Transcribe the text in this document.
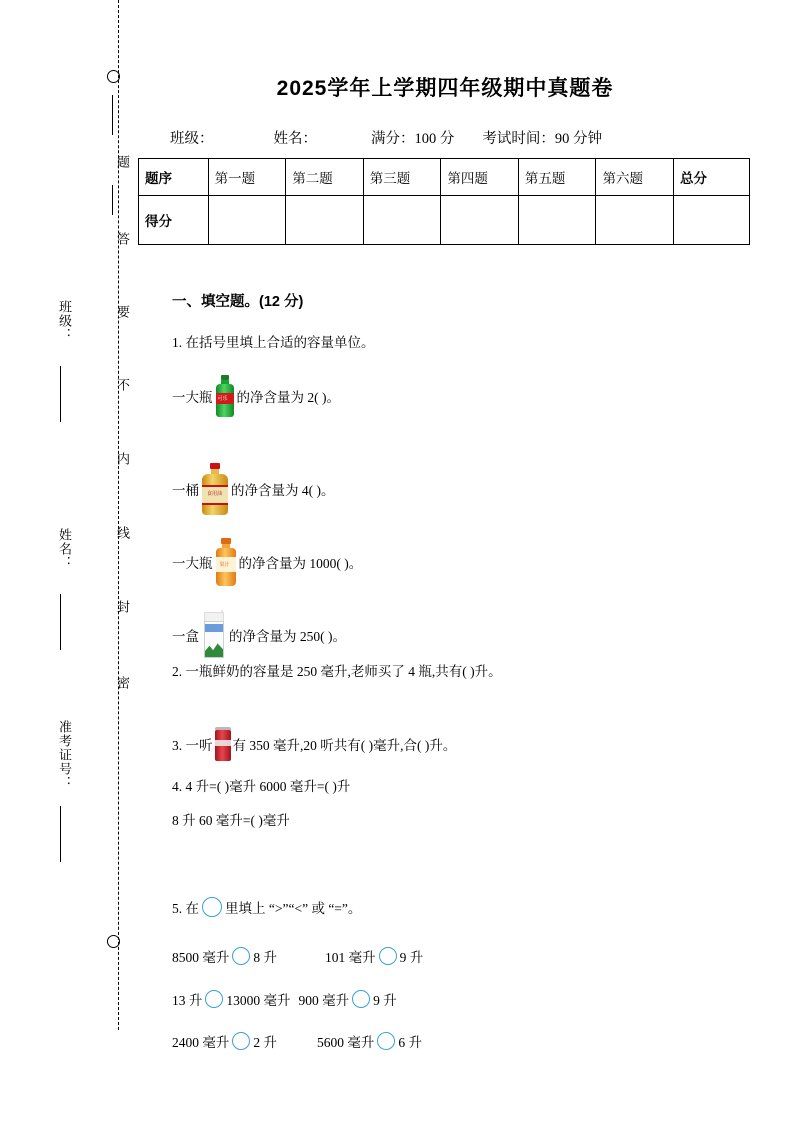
题
答
要
不
内
线
封
密
班级：
姓名：
准考证号：
2025学年上学期四年级期中真题卷
班级：	姓名：	满分：100 分 考试时间：90 分钟
题序	第一题	第二题	第三题	第四题	第五题	第六题	总分
得分							
一、填空题。(12 分)
1. 在括号里填上合适的容量单位。
一大瓶 可乐 的净含量为 2( )。
一桶 食用油 的净含量为 4( )。
一大瓶 果汁 的净含量为 1000( )。
一盒 的净含量为 250( )。
2. 一瓶鲜奶的容量是 250 毫升,老师买了 4 瓶,共有( )升。
3. 一听 有 350 毫升,20 听共有( )毫升,合( )升。
4. 4 升=( )毫升 6000 毫升=( )升
8 升 60 毫升=( )毫升
5. 在 里填上 “>”“<” 或 “=”。
8500 毫升 8 升	101 毫升 9 升
13 升 13000 毫升 900 毫升 9 升
2400 毫升 2 升	5600 毫升 6 升
